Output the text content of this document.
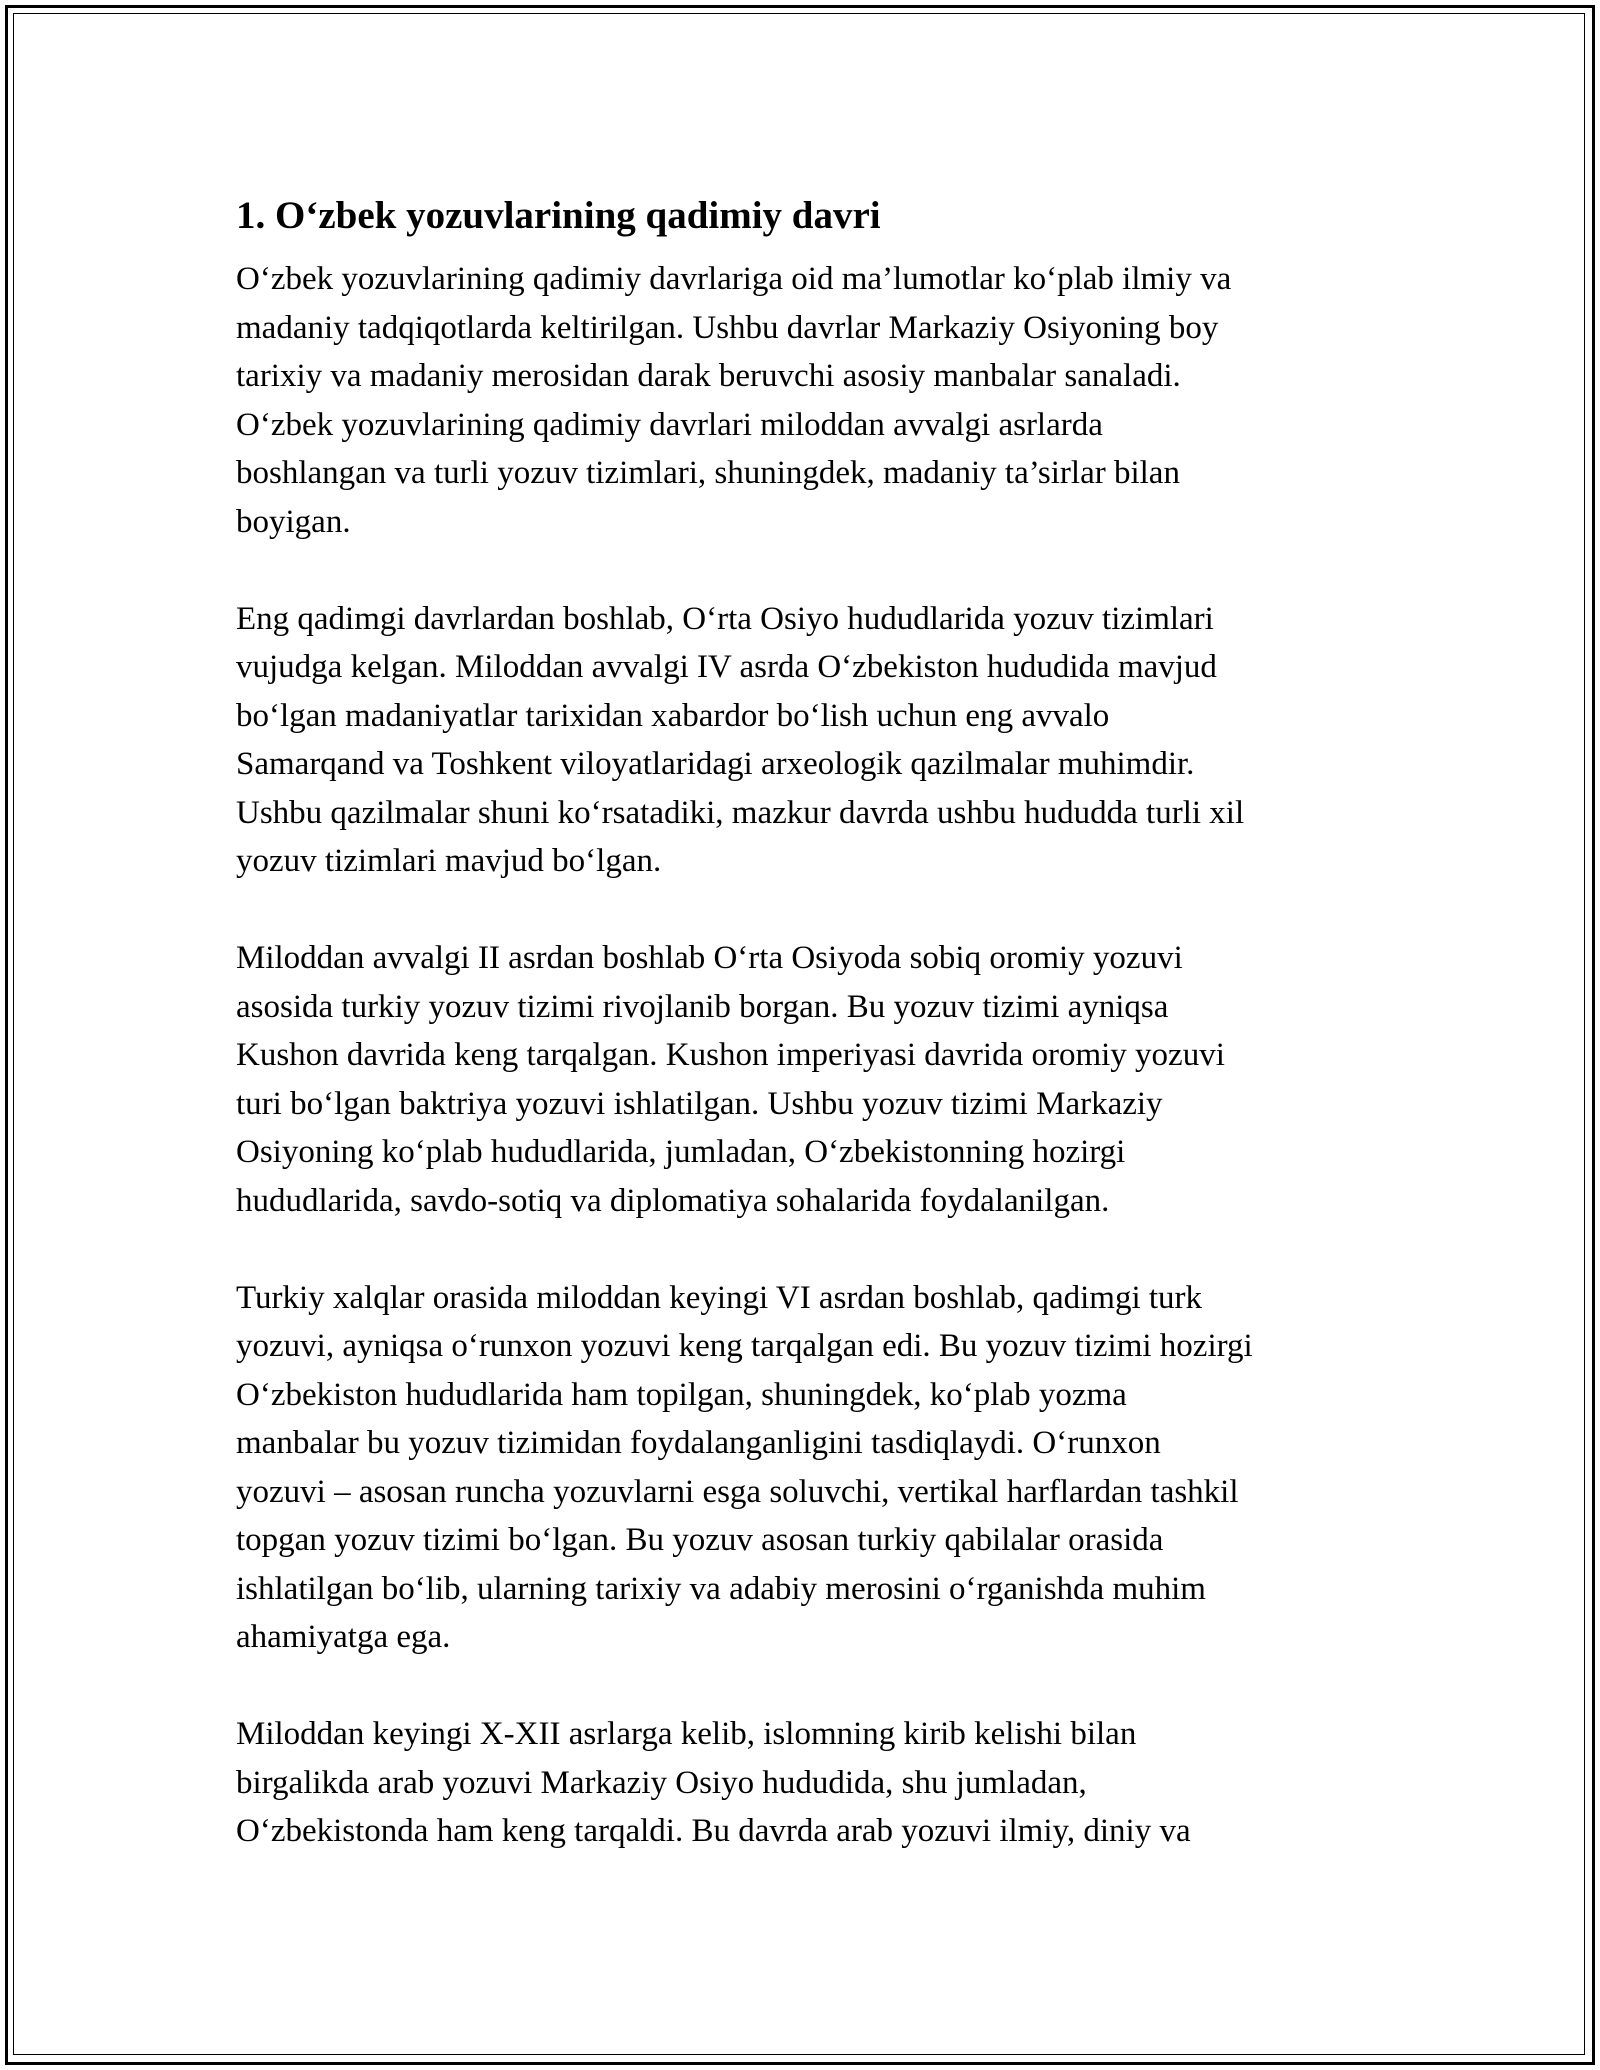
1. O‘zbek yozuvlarining qadimiy davri

O‘zbek yozuvlarining qadimiy davrlariga oid ma’lumotlar ko‘plab ilmiy va
madaniy tadqiqotlarda keltirilgan. Ushbu davrlar Markaziy Osiyoning boy
tarixiy va madaniy merosidan darak beruvchi asosiy manbalar sanaladi.
O‘zbek yozuvlarining qadimiy davrlari miloddan avvalgi asrlarda
boshlangan va turli yozuv tizimlari, shuningdek, madaniy ta’sirlar bilan
boyigan.

Eng qadimgi davrlardan boshlab, O‘rta Osiyo hududlarida yozuv tizimlari
vujudga kelgan. Miloddan avvalgi IV asrda O‘zbekiston hududida mavjud
bo‘lgan madaniyatlar tarixidan xabardor bo‘lish uchun eng avvalo
Samarqand va Toshkent viloyatlaridagi arxeologik qazilmalar muhimdir.
Ushbu qazilmalar shuni ko‘rsatadiki, mazkur davrda ushbu hududda turli xil
yozuv tizimlari mavjud bo‘lgan.

Miloddan avvalgi II asrdan boshlab O‘rta Osiyoda sobiq oromiy yozuvi
asosida turkiy yozuv tizimi rivojlanib borgan. Bu yozuv tizimi ayniqsa
Kushon davrida keng tarqalgan. Kushon imperiyasi davrida oromiy yozuvi
turi bo‘lgan baktriya yozuvi ishlatilgan. Ushbu yozuv tizimi Markaziy
Osiyoning ko‘plab hududlarida, jumladan, O‘zbekistonning hozirgi
hududlarida, savdo-sotiq va diplomatiya sohalarida foydalanilgan.

Turkiy xalqlar orasida miloddan keyingi VI asrdan boshlab, qadimgi turk
yozuvi, ayniqsa o‘runxon yozuvi keng tarqalgan edi. Bu yozuv tizimi hozirgi
O‘zbekiston hududlarida ham topilgan, shuningdek, ko‘plab yozma
manbalar bu yozuv tizimidan foydalanganligini tasdiqlaydi. O‘runxon
yozuvi – asosan runcha yozuvlarni esga soluvchi, vertikal harflardan tashkil
topgan yozuv tizimi bo‘lgan. Bu yozuv asosan turkiy qabilalar orasida
ishlatilgan bo‘lib, ularning tarixiy va adabiy merosini o‘rganishda muhim
ahamiyatga ega.

Miloddan keyingi X-XII asrlarga kelib, islomning kirib kelishi bilan
birgalikda arab yozuvi Markaziy Osiyo hududida, shu jumladan,
O‘zbekistonda ham keng tarqaldi. Bu davrda arab yozuvi ilmiy, diniy va
